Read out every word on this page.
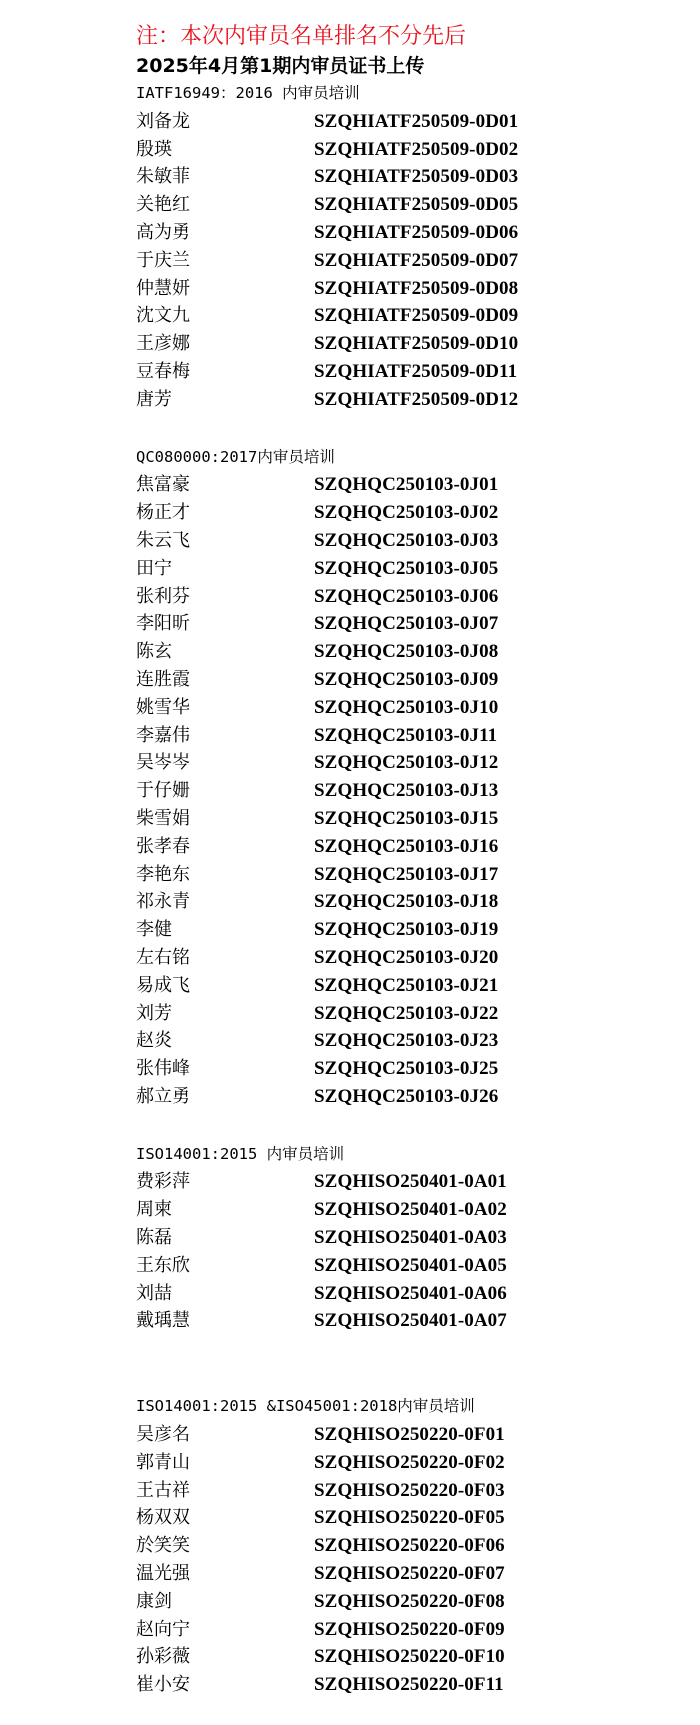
注：本次内审员名单排名不分先后
2025年4月第1期内审员证书上传
IATF16949：2016 内审员培训
刘备龙	SZQHIATF250509-0D01
殷瑛	SZQHIATF250509-0D02
朱敏菲	SZQHIATF250509-0D03
关艳红	SZQHIATF250509-0D05
高为勇	SZQHIATF250509-0D06
于庆兰	SZQHIATF250509-0D07
仲慧妍	SZQHIATF250509-0D08
沈文九	SZQHIATF250509-0D09
王彦娜	SZQHIATF250509-0D10
豆春梅	SZQHIATF250509-0D11
唐芳	SZQHIATF250509-0D12
QC080000:2017内审员培训
焦富豪	SZQHQC250103-0J01
杨正才	SZQHQC250103-0J02
朱云飞	SZQHQC250103-0J03
田宁	SZQHQC250103-0J05
张利芬	SZQHQC250103-0J06
李阳昕	SZQHQC250103-0J07
陈玄	SZQHQC250103-0J08
连胜霞	SZQHQC250103-0J09
姚雪华	SZQHQC250103-0J10
李嘉伟	SZQHQC250103-0J11
吴岑岑	SZQHQC250103-0J12
于仔姗	SZQHQC250103-0J13
柴雪娟	SZQHQC250103-0J15
张孝春	SZQHQC250103-0J16
李艳东	SZQHQC250103-0J17
祁永青	SZQHQC250103-0J18
李健	SZQHQC250103-0J19
左右铭	SZQHQC250103-0J20
易成飞	SZQHQC250103-0J21
刘芳	SZQHQC250103-0J22
赵炎	SZQHQC250103-0J23
张伟峰	SZQHQC250103-0J25
郝立勇	SZQHQC250103-0J26
ISO14001:2015 内审员培训
费彩萍	SZQHISO250401-0A01
周柬	SZQHISO250401-0A02
陈磊	SZQHISO250401-0A03
王东欣	SZQHISO250401-0A05
刘喆	SZQHISO250401-0A06
戴瑀慧	SZQHISO250401-0A07
ISO14001:2015 &ISO45001:2018内审员培训
吴彦名	SZQHISO250220-0F01
郭青山	SZQHISO250220-0F02
王古祥	SZQHISO250220-0F03
杨双双	SZQHISO250220-0F05
於笑笑	SZQHISO250220-0F06
温光强	SZQHISO250220-0F07
康剑	SZQHISO250220-0F08
赵向宁	SZQHISO250220-0F09
孙彩薇	SZQHISO250220-0F10
崔小安	SZQHISO250220-0F11
